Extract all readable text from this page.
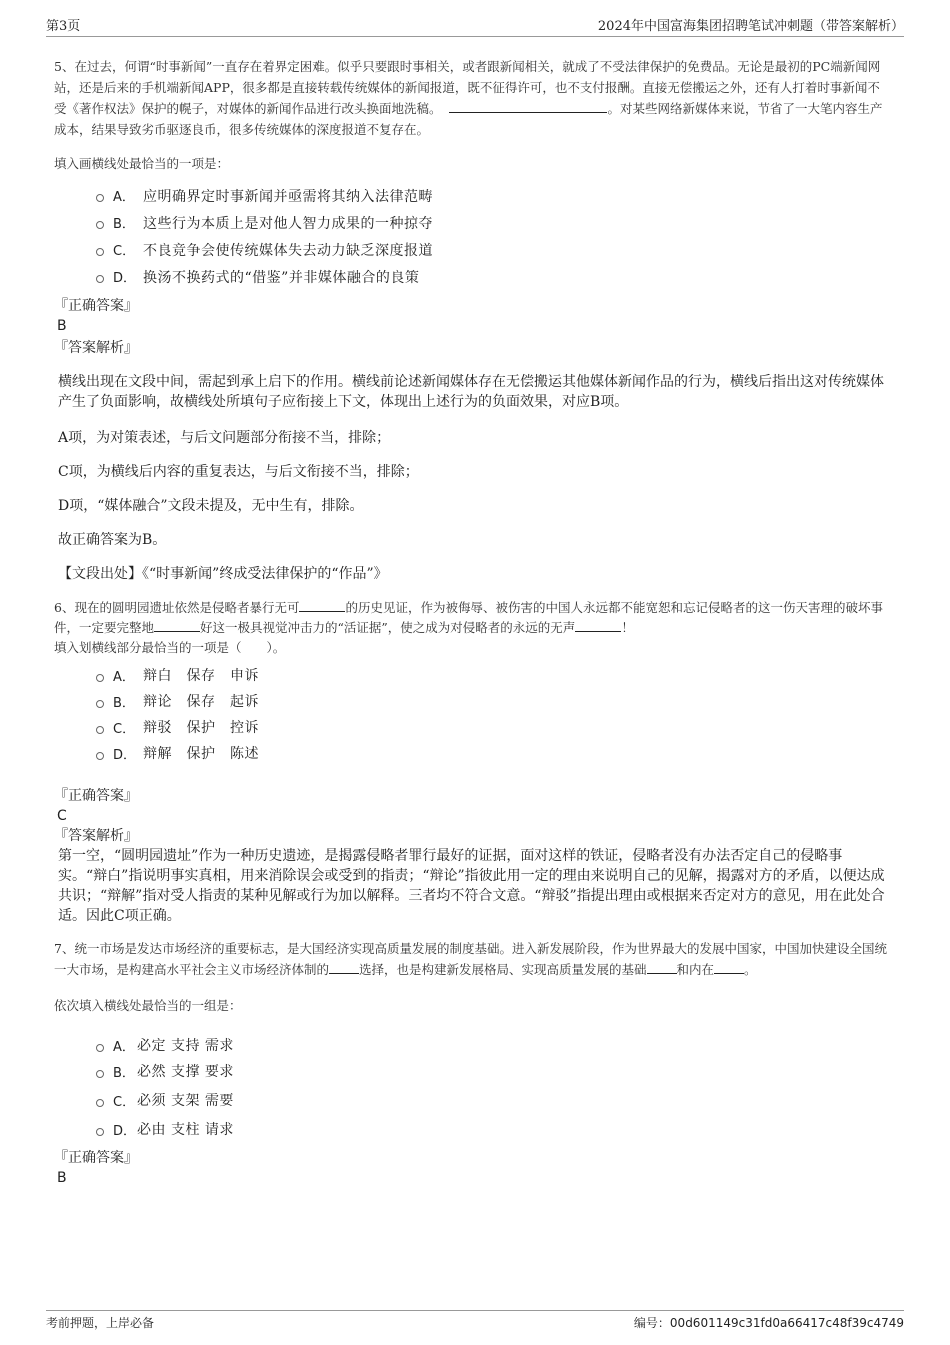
第3页	2024年中国富海集团招聘笔试冲刺题（带答案解析）

5、在过去，何谓“时事新闻”一直存在着界定困难。似乎只要跟时事相关，或者跟新闻相关，就成了不受法律保护的免费品。无论是最初的PC端新闻网站，还是后来的手机端新闻APP，很多都是直接转载传统媒体的新闻报道，既不征得许可，也不支付报酬。直接无偿搬运之外，还有人打着时事新闻不受《著作权法》保护的幌子，对媒体的新闻作品进行改头换面地洗稿。	。对某些网络新媒体来说，节省了一大笔内容生产成本，结果导致劣币驱逐良币，很多传统媒体的深度报道不复存在。

填入画横线处最恰当的一项是：

A． 应明确界定时事新闻并亟需将其纳入法律范畴
B． 这些行为本质上是对他人智力成果的一种掠夺
C． 不良竞争会使传统媒体失去动力缺乏深度报道
D． 换汤不换药式的“借鉴”并非媒体融合的良策

『正确答案』

B

『答案解析』

横线出现在文段中间，需起到承上启下的作用。横线前论述新闻媒体存在无偿搬运其他媒体新闻作品的行为，横线后指出这对传统媒体产生了负面影响，故横线处所填句子应衔接上下文，体现出上述行为的负面效果，对应B项。

A项，为对策表述，与后文问题部分衔接不当，排除；

C项，为横线后内容的重复表达，与后文衔接不当，排除；

D项，“媒体融合”文段未提及，无中生有，排除。

故正确答案为B。

【文段出处】《“时事新闻”终成受法律保护的“作品”》

6、现在的圆明园遗址依然是侵略者暴行无可	的历史见证，作为被侮辱、被伤害的中国人永远都不能宽恕和忘记侵略者的这一伤天害理的破坏事件，一定要完整地	好这一极具视觉冲击力的“活证据”，使之成为对侵略者的永远的无声	！

填入划横线部分最恰当的一项是（　　）。

A． 辩白　保存　申诉
B． 辩论　保存　起诉
C． 辩驳　保护　控诉
D． 辩解　保护　陈述

『正确答案』

C

『答案解析』

第一空，“圆明园遗址”作为一种历史遗迹，是揭露侵略者罪行最好的证据，面对这样的铁证，侵略者没有办法否定自己的侵略事实。“辩白”指说明事实真相，用来消除误会或受到的指责；“辩论”指彼此用一定的理由来说明自己的见解，揭露对方的矛盾，以便达成共识；“辩解”指对受人指责的某种见解或行为加以解释。三者均不符合文意。“辩驳”指提出理由或根据来否定对方的意见，用在此处合适。因此C项正确。

7、统一市场是发达市场经济的重要标志，是大国经济实现高质量发展的制度基础。进入新发展阶段，作为世界最大的发展中国家，中国加快建设全国统一大市场，是构建高水平社会主义市场经济体制的 选择，也是构建新发展格局、实现高质量发展的基础 和内在 。

依次填入横线处最恰当的一组是：

A． 必定 支持 需求
B． 必然 支撑 要求
C． 必须 支架 需要
D． 必由 支柱 请求

『正确答案』

B

考前押题，上岸必备	编号：00d601149c31fd0a66417c48f39c4749
